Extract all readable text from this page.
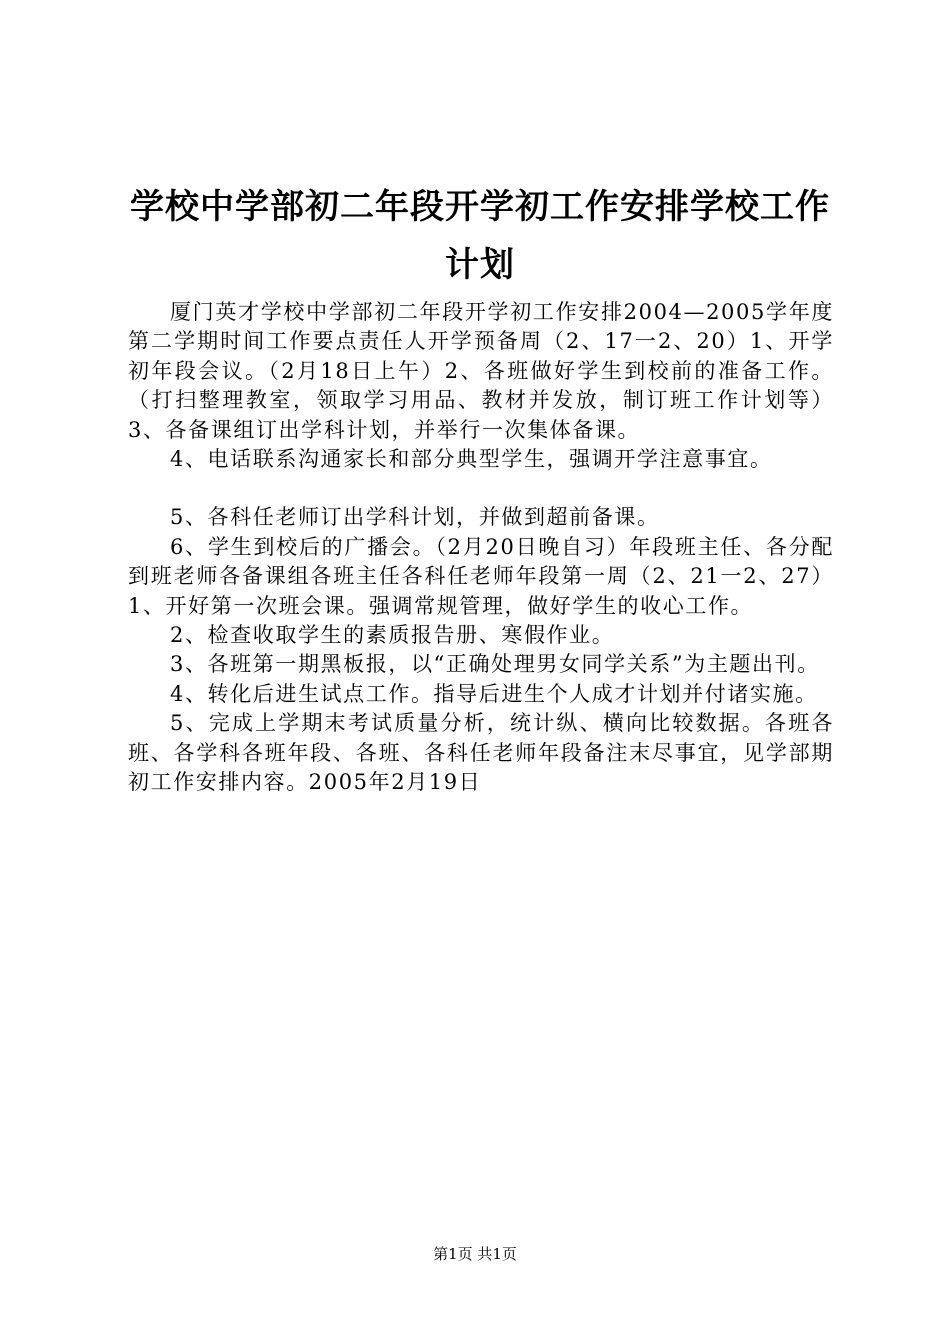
学校中学部初二年段开学初工作安排学校工作计划

厦门英才学校中学部初二年段开学初工作安排2004—2005学年度第二学期时间工作要点责任人开学预备周（2、17一2、20）1、开学初年段会议。（2月18日上午）2、各班做好学生到校前的准备工作。（打扫整理教室，领取学习用品、教材并发放，制订班工作计划等）3、各备课组订出学科计划，并举行一次集体备课。

4、电话联系沟通家长和部分典型学生，强调开学注意事宜。

5、各科任老师订出学科计划，并做到超前备课。

6、学生到校后的广播会。（2月20日晚自习）年段班主任、各分配到班老师各备课组各班主任各科任老师年段第一周（2、21一2、27）1、开好第一次班会课。强调常规管理，做好学生的收心工作。

2、检查收取学生的素质报告册、寒假作业。

3、各班第一期黑板报，以“正确处理男女同学关系”为主题出刊。

4、转化后进生试点工作。指导后进生个人成才计划并付诸实施。

5、完成上学期末考试质量分析，统计纵、横向比较数据。各班各班、各学科各班年段、各班、各科任老师年段备注末尽事宜，见学部期初工作安排内容。2005年2月19日

第1页 共1页
